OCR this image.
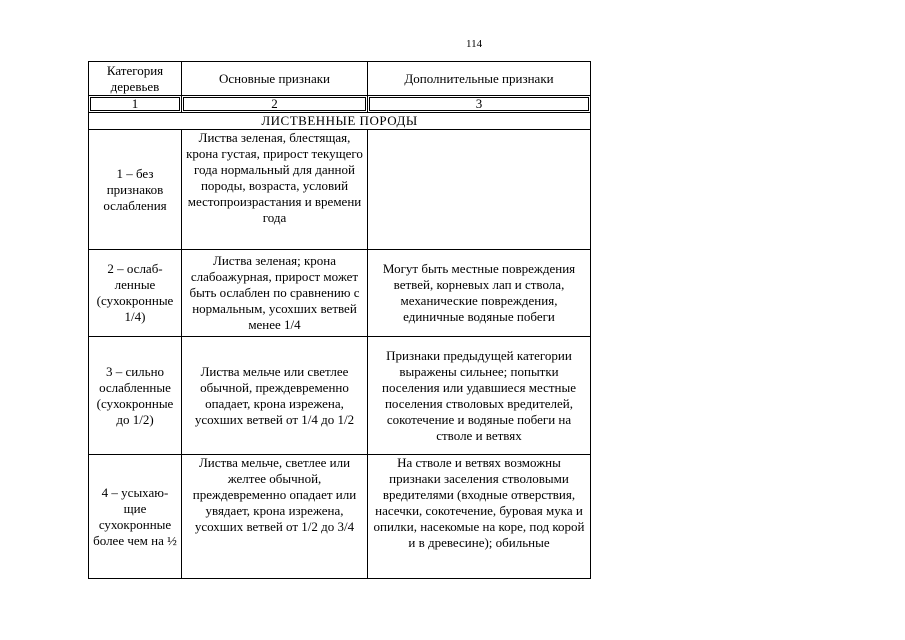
114
Категория деревьев	Основные признаки	Дополнительные признаки

1	2	3

ЛИСТВЕННЫЕ ПОРОДЫ		
1 – без признаков ослабления	Листва зеленая, блестящая, крона густая, прирост текущего года нормальный для данной породы, возраста, условий местопроизрастания и времени года	
2 – ослаб-ленные (сухокронные 1/4)	Листва зеленая; крона слабоажурная, прирост может быть ослаблен по сравнению с нормальным, усохших ветвей менее 1/4	Могут быть местные повреждения ветвей, корневых лап и ствола, механические повреждения, единичные водяные побеги
3 – сильно ослабленные (сухокронные до 1/2)	Листва мельче или светлее обычной, преждевременно опадает, крона изрежена, усохших ветвей от 1/4 до 1/2	Признаки предыдущей категории выражены сильнее; попытки поселения или удавшиеся местные поселения стволовых вредителей, сокотечение и водяные побеги на стволе и ветвях
4 – усыхаю-щие сухокронные более чем на ½	Листва мельче, светлее или желтее обычной, преждевременно опадает или увядает, крона изрежена, усохших ветвей от 1/2 до 3/4	На стволе и ветвях возможны признаки заселения стволовыми вредителями (входные отверствия, насечки, сокотечение, буровая мука и опилки, насекомые на коре, под корой и в древесине); обильные
